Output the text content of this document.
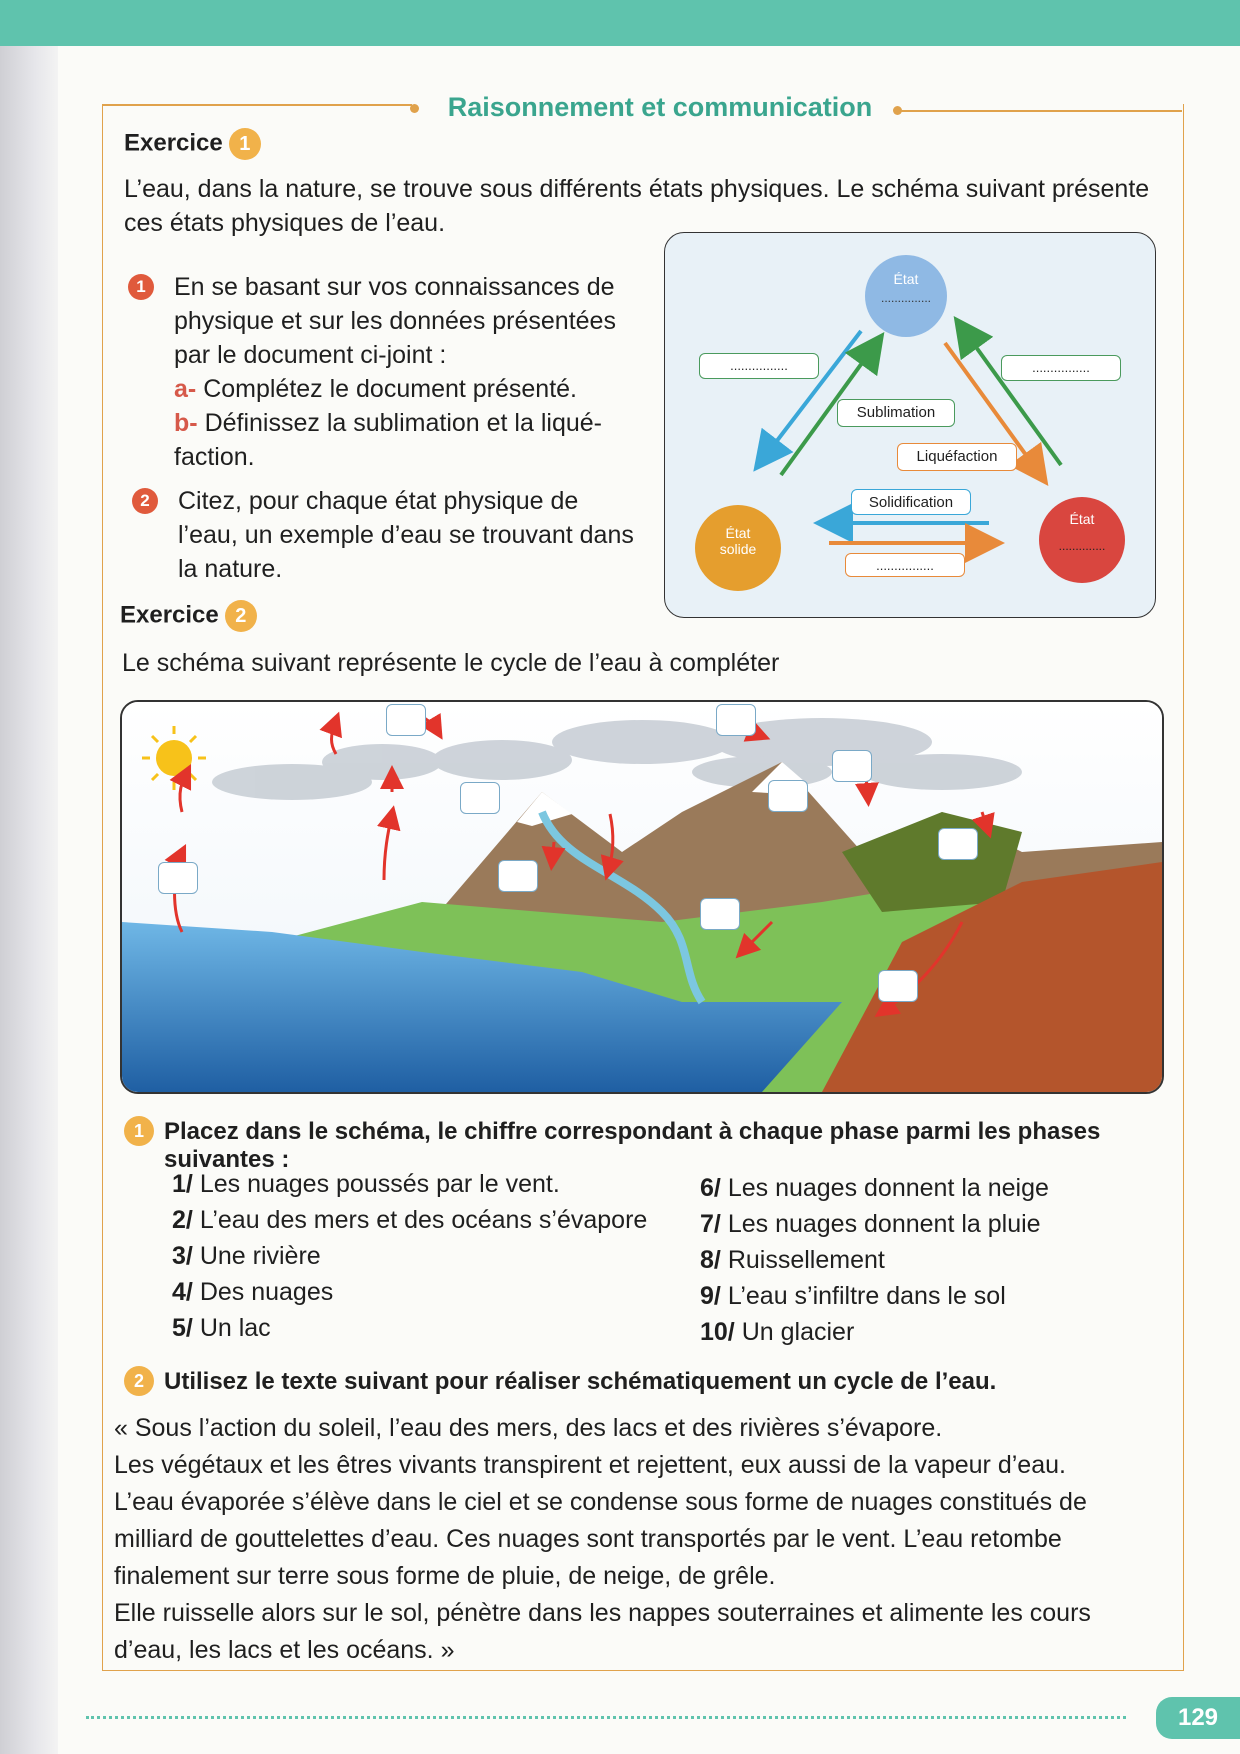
Raisonnement et communication
Exercice 1
L’eau, dans la nature, se trouve sous différents états physiques. Le schéma suivant présente ces états physiques de l’eau.
1	En se basant sur vos connaissances de
physique et sur les données présentées
par le document ci-joint :
a- Complétez le document présenté.
b- Définissez la sublimation et la liqué-
faction.
2	Citez, pour chaque état physique de
l’eau, un exemple d’eau se trouvant dans
la nature.
État
...............
État
solide
État
..............
................	................
Sublimation
Liquéfaction
Solidification
................
Exercice 2
Le schéma suivant représente le cycle de l’eau à compléter
1 Placez dans le schéma, le chiffre correspondant à chaque phase parmi les phases suivantes :
1/ Les nuages poussés par le vent.
2/ L’eau des mers et des océans s’évapore
3/ Une rivière
4/ Des nuages
5/ Un lac
6/ Les nuages donnent la neige
7/ Les nuages donnent la pluie
8/ Ruissellement
9/ L’eau s’infiltre dans le sol
10/ Un glacier
2 Utilisez le texte suivant pour réaliser schématiquement un cycle de l’eau.
« Sous l’action du soleil, l’eau des mers, des lacs et des rivières s’évapore.
Les végétaux et les êtres vivants transpirent et rejettent, eux aussi de la vapeur d’eau.
L’eau évaporée s’élève dans le ciel et se condense sous forme de nuages constitués de
milliard de gouttelettes d’eau. Ces nuages sont transportés par le vent. L’eau retombe
finalement sur terre sous forme de pluie, de neige, de grêle.
Elle ruisselle alors sur le sol, pénètre dans les nappes souterraines et alimente les cours
d’eau, les lacs et les océans. »
129
